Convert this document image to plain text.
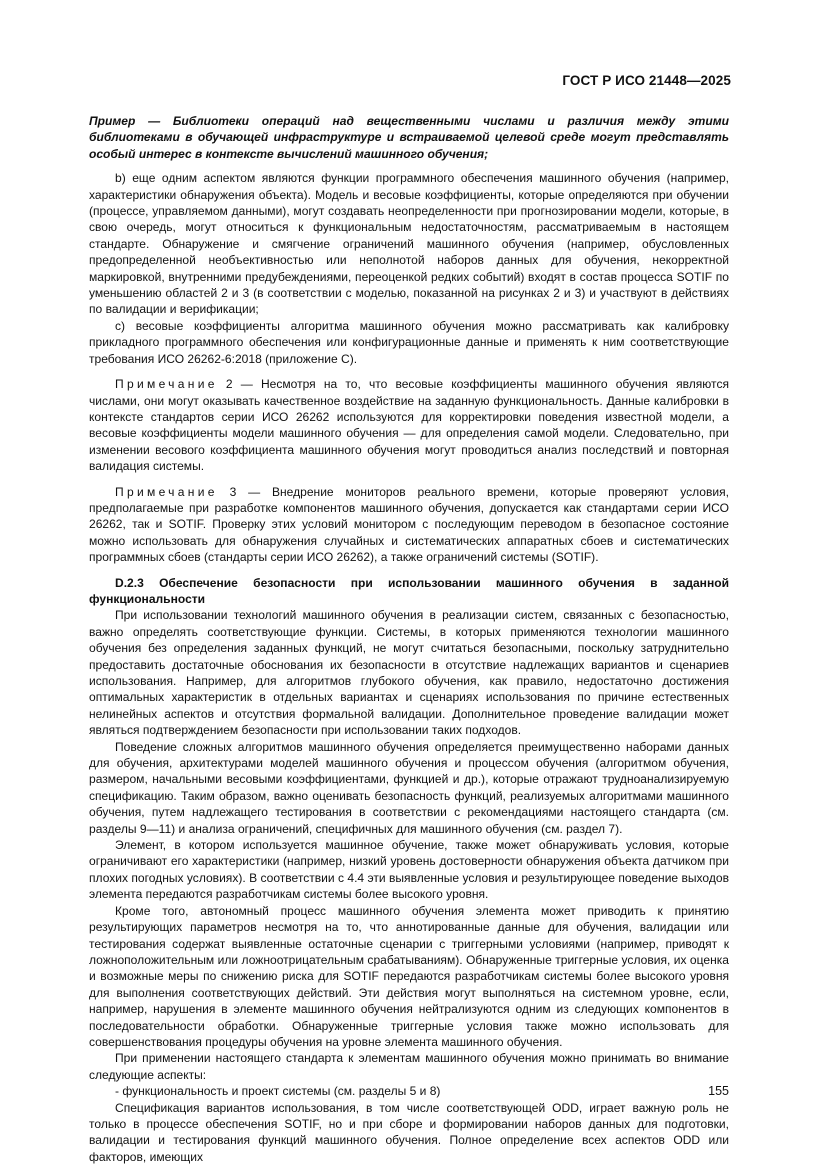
ГОСТ Р ИСО 21448—2025

Пример — Библиотеки операций над вещественными числами и различия между этими библиотеками в обучающей инфраструктуре и встраиваемой целевой среде могут представлять особый интерес в контексте вычислений машинного обучения;

b) еще одним аспектом являются функции программного обеспечения машинного обучения (например, характеристики обнаружения объекта). Модель и весовые коэффициенты, которые определяются при обучении (процессе, управляемом данными), могут создавать неопределенности при прогнозировании модели, которые, в свою очередь, могут относиться к функциональным недостаточностям, рассматриваемым в настоящем стандарте. Обнаружение и смягчение ограничений машинного обучения (например, обусловленных предопределенной необъективностью или неполнотой наборов данных для обучения, некорректной маркировкой, внутренними предубеждениями, переоценкой редких событий) входят в состав процесса SOTIF по уменьшению областей 2 и 3 (в соответствии с моделью, показанной на рисунках 2 и 3) и участвуют в действиях по валидации и верификации;

c) весовые коэффициенты алгоритма машинного обучения можно рассматривать как калибровку прикладного программного обеспечения или конфигурационные данные и применять к ним соответствующие требования ИСО 26262-6:2018 (приложение С).

Примечание 2 — Несмотря на то, что весовые коэффициенты машинного обучения являются числами, они могут оказывать качественное воздействие на заданную функциональность. Данные калибровки в контексте стандартов серии ИСО 26262 используются для корректировки поведения известной модели, а весовые коэффициенты модели машинного обучения — для определения самой модели. Следовательно, при изменении весового коэффициента машинного обучения могут проводиться анализ последствий и повторная валидация системы.

Примечание 3 — Внедрение мониторов реального времени, которые проверяют условия, предполагаемые при разработке компонентов машинного обучения, допускается как стандартами серии ИСО 26262, так и SOTIF. Проверку этих условий монитором с последующим переводом в безопасное состояние можно использовать для обнаружения случайных и систематических аппаратных сбоев и систематических программных сбоев (стандарты серии ИСО 26262), а также ограничений системы (SOTIF).

D.2.3 Обеспечение безопасности при использовании машинного обучения в заданной функциональности

При использовании технологий машинного обучения в реализации систем, связанных с безопасностью, важно определять соответствующие функции. Системы, в которых применяются технологии машинного обучения без определения заданных функций, не могут считаться безопасными, поскольку затруднительно предоставить достаточные обоснования их безопасности в отсутствие надлежащих вариантов и сценариев использования. Например, для алгоритмов глубокого обучения, как правило, недостаточно достижения оптимальных характеристик в отдельных вариантах и сценариях использования по причине естественных нелинейных аспектов и отсутствия формальной валидации. Дополнительное проведение валидации может являться подтверждением безопасности при использовании таких подходов.

Поведение сложных алгоритмов машинного обучения определяется преимущественно наборами данных для обучения, архитектурами моделей машинного обучения и процессом обучения (алгоритмом обучения, размером, начальными весовыми коэффициентами, функцией и др.), которые отражают трудноанализируемую спецификацию. Таким образом, важно оценивать безопасность функций, реализуемых алгоритмами машинного обучения, путем надлежащего тестирования в соответствии с рекомендациями настоящего стандарта (см. разделы 9—11) и анализа ограничений, специфичных для машинного обучения (см. раздел 7).

Элемент, в котором используется машинное обучение, также может обнаруживать условия, которые ограничивают его характеристики (например, низкий уровень достоверности обнаружения объекта датчиком при плохих погодных условиях). В соответствии с 4.4 эти выявленные условия и результирующее поведение выходов элемента передаются разработчикам системы более высокого уровня.

Кроме того, автономный процесс машинного обучения элемента может приводить к принятию результирующих параметров несмотря на то, что аннотированные данные для обучения, валидации или тестирования содержат выявленные остаточные сценарии с триггерными условиями (например, приводят к ложноположительным или ложноотрицательным срабатываниям). Обнаруженные триггерные условия, их оценка и возможные меры по снижению риска для SOTIF передаются разработчикам системы более высокого уровня для выполнения соответствующих действий. Эти действия могут выполняться на системном уровне, если, например, нарушения в элементе машинного обучения нейтрализуются одним из следующих компонентов в последовательности обработки. Обнаруженные триггерные условия также можно использовать для совершенствования процедуры обучения на уровне элемента машинного обучения.

При применении настоящего стандарта к элементам машинного обучения можно принимать во внимание следующие аспекты:

- функциональность и проект системы (см. разделы 5 и 8)

Спецификация вариантов использования, в том числе соответствующей ODD, играет важную роль не только в процессе обеспечения SOTIF, но и при сборе и формировании наборов данных для подготовки, валидации и тестирования функций машинного обучения. Полное определение всех аспектов ODD или факторов, имеющих

155
